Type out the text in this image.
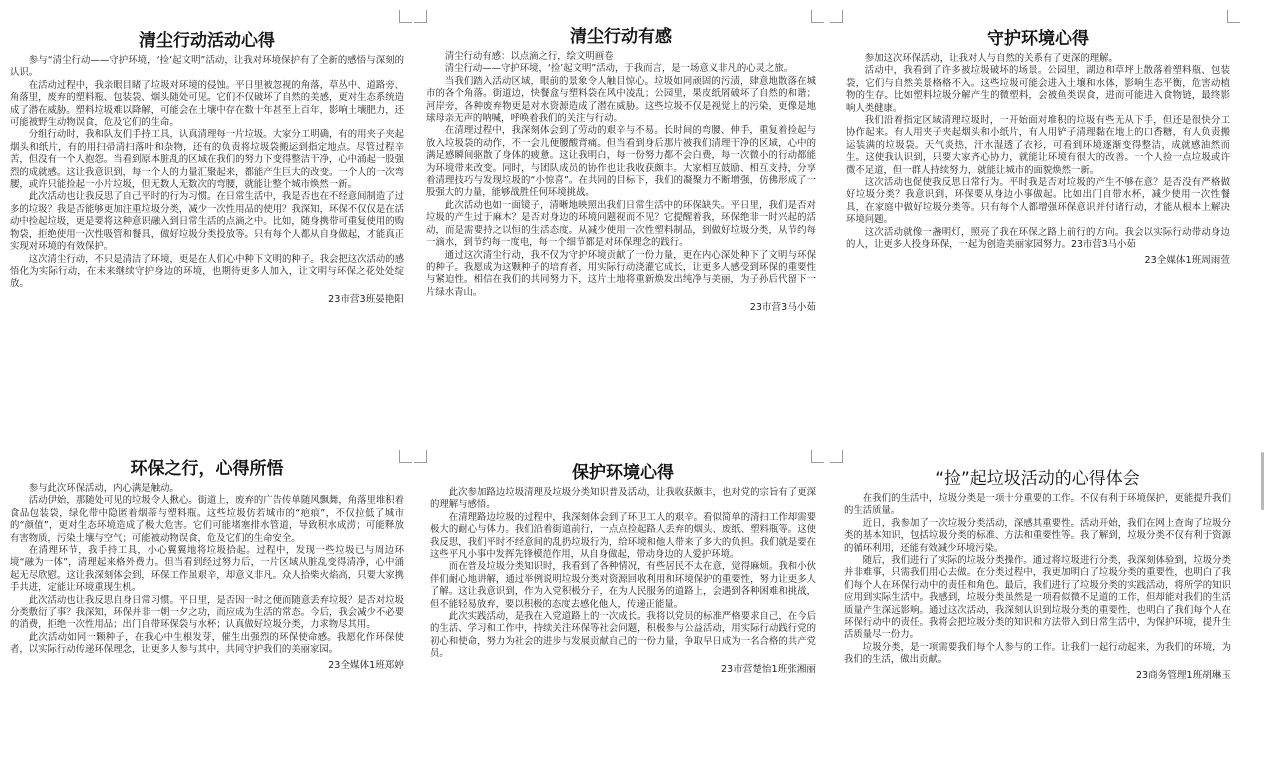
清尘行动活动心得

参与“清尘行动——守护环境，‘捡’起文明”活动，让我对环境保护有了全新的感悟与深刻的认识。

在活动过程中，我亲眼目睹了垃圾对环境的侵蚀。平日里被忽视的角落，草丛中、道路旁、角落里，废弃的塑料瓶、包装袋、烟头随处可见。它们不仅破坏了自然的美感，更对生态系统造成了潜在威胁。塑料垃圾难以降解，可能会在土壤中存在数十年甚至上百年，影响土壤肥力，还可能被野生动物误食，危及它们的生命。

分组行动时，我和队友们手持工具，认真清理每一片垃圾。大家分工明确，有的用夹子夹起烟头和纸片，有的用扫帚清扫落叶和杂物，还有的负责将垃圾袋搬运到指定地点。尽管过程辛苦，但没有一个人抱怨。当看到原本脏乱的区域在我们的努力下变得整洁干净，心中涌起一股强烈的成就感。这让我意识到，每一个人的力量汇聚起来，都能产生巨大的改变。一个人的一次弯腰，或许只能捡起一小片垃圾，但无数人无数次的弯腰，就能让整个城市焕然一新。

此次活动也让我反思了自己平时的行为习惯。在日常生活中，我是否也在不经意间制造了过多的垃圾？我是否能够更加注重垃圾分类，减少一次性用品的使用？我深知，环保不仅仅是在活动中捡起垃圾，更是要将这种意识融入到日常生活的点滴之中。比如，随身携带可重复使用的购物袋，拒绝使用一次性吸管和餐具，做好垃圾分类投放等。只有每个人都从自身做起，才能真正实现对环境的有效保护。

这次清尘行动，不只是清洁了环境，更是在人们心中种下文明的种子。我会把这次活动的感悟化为实际行动，在未来继续守护身边的环境，也期待更多人加入，让文明与环保之花处处绽放。

23市营3班晏艳阳

清尘行动有感

清尘行动有感：以点滴之行，绘文明画卷

清尘行动——守护环境，‘捡’起文明”活动，于我而言，是一场意义非凡的心灵之旅。

当我们踏入活动区域，眼前的景象令人触目惊心。垃圾如同顽固的污渍，肆意地散落在城市的各个角落。街道边，快餐盒与塑料袋在风中凌乱；公园里，果皮纸屑破坏了自然的和谐；河岸旁，各种废弃物更是对水资源造成了潜在威胁。这些垃圾不仅是视觉上的污染，更像是地球母亲无声的呐喊，呼唤着我们的关注与行动。

在清理过程中，我深刻体会到了劳动的艰辛与不易。长时间的弯腰、伸手，重复着捡起与放入垃圾袋的动作，不一会儿便腰酸背痛。但当看到身后那片被我们清理干净的区域，心中的满足感瞬间驱散了身体的疲惫。这让我明白，每一份努力都不会白费，每一次微小的行动都能为环境带来改变。同时，与团队成员的协作也让我收获颇丰。大家相互鼓励、相互支持，分享着清理技巧与发现垃圾的“小惊喜”。在共同的目标下，我们的凝聚力不断增强，仿佛形成了一股强大的力量，能够战胜任何环境挑战。

此次活动也如一面镜子，清晰地映照出我们日常生活中的环保缺失。平日里，我们是否对垃圾的产生过于麻木？是否对身边的环境问题视而不见？它提醒着我，环保绝非一时兴起的活动，而是需要持之以恒的生活态度。从减少使用一次性塑料制品，到做好垃圾分类，从节约每一滴水，到节约每一度电，每一个细节都是对环保理念的践行。

通过这次清尘行动，我不仅为守护环境贡献了一份力量，更在内心深处种下了文明与环保的种子。我愿成为这颗种子的培育者，用实际行动浇灌它成长，让更多人感受到环保的重要性与紧迫性。相信在我们的共同努力下，这片土地将重新焕发出纯净与美丽，为子孙后代留下一片绿水青山。

23市营3马小茹

守护环境心得

参加这次环保活动，让我对人与自然的关系有了更深的理解。

活动中，我看到了许多被垃圾破坏的场景。公园里，湖边和草坪上散落着塑料瓶、包装袋，它们与自然美景格格不入。这些垃圾可能会进入土壤和水体，影响生态平衡，危害动植物的生存。比如塑料垃圾分解产生的微塑料，会被鱼类误食，进而可能进入食物链，最终影响人类健康。

我们沿着指定区域清理垃圾时，一开始面对堆积的垃圾有些无从下手，但还是很快分工协作起来。有人用夹子夹起烟头和小纸片，有人用铲子清理黏在地上的口香糖，有人负责搬运装满的垃圾袋。天气炎热，汗水湿透了衣衫，可看到环境逐渐变得整洁，成就感油然而生。这使我认识到，只要大家齐心协力，就能让环境有很大的改善。一个人捡一点垃圾或许微不足道，但一群人持续努力，就能让城市的面貌焕然一新。

这次活动也促使我反思日常行为。平时我是否对垃圾的产生不够在意？是否没有严格做好垃圾分类？我意识到，环保要从身边小事做起。比如出门自带水杯，减少使用一次性餐具，在家庭中做好垃圾分类等。只有每个人都增强环保意识并付诸行动，才能从根本上解决环境问题。

这次活动就像一盏明灯，照亮了我在环保之路上前行的方向。我会以实际行动带动身边的人，让更多人投身环保，一起为创造美丽家园努力。23市营3马小茹

23全媒体1班周雨萱

环保之行，心得所悟

参与此次环保活动，内心满是触动。

活动伊始，那随处可见的垃圾令人揪心。街道上，废弃的广告传单随风飘舞，角落里堆积着食品包装袋，绿化带中隐匿着烟蒂与塑料瓶。这些垃圾仿若城市的“疤痕”，不仅拉低了城市的“颜值”，更对生态环境造成了极大危害。它们可能堵塞排水管道，导致积水成涝；可能释放有害物质，污染土壤与空气；可能被动物误食，危及它们的生命安全。

在清理环节，我手持工具，小心翼翼地将垃圾拾起。过程中，发现一些垃圾已与周边环境“融为一体”，清理起来格外费力。但当看到经过努力后，一片区域从脏乱变得清净，心中涌起无尽欣慰。这让我深刻体会到，环保工作虽艰辛，却意义非凡。众人拾柴火焰高，只要大家携手共进，定能让环境重现生机。

此次活动也让我反思自身日常习惯。平日里，是否因一时之便而随意丢弃垃圾？是否对垃圾分类敷衍了事？我深知，环保并非一朝一夕之功，而应成为生活的常态。今后，我会减少不必要的消费，拒绝一次性用品；出门自带环保袋与水杯；认真做好垃圾分类，力求物尽其用。

此次活动如同一颗种子，在我心中生根发芽，催生出强烈的环保使命感。我愿化作环保使者，以实际行动传递环保理念，让更多人参与其中，共同守护我们的美丽家园。

23全媒体1班郑婷

保护环境心得

此次参加路边垃圾清理及垃圾分类知识普及活动，让我收获颇丰，也对党的宗旨有了更深的理解与感悟。

在清理路边垃圾的过程中，我深刻体会到了环卫工人的艰辛。看似简单的清扫工作却需要极大的耐心与体力。我们沿着街道前行，一点点捡起路人丢弃的烟头、废纸、塑料瓶等。这使我反思，我们平时不经意间的乱扔垃圾行为，给环境和他人带来了多大的负担。我们就是要在这些平凡小事中发挥先锋模范作用，从自身做起，带动身边的人爱护环境。

而在普及垃圾分类知识时，我看到了各种情况，有些居民不太在意，觉得麻烦。我和小伙伴们耐心地讲解，通过举例说明垃圾分类对资源回收利用和环境保护的重要性，努力让更多人了解。这让我意识到，作为入党积极分子，在为人民服务的道路上，会遇到各种困难和挑战，但不能轻易放弃，要以积极的态度去感化他人，传递正能量。

此次实践活动，是我在入党道路上的一次成长。我将以党员的标准严格要求自己，在今后的生活、学习和工作中，持续关注环保等社会问题，积极参与公益活动，用实际行动践行党的初心和使命，努力为社会的进步与发展贡献自己的一份力量，争取早日成为一名合格的共产党员。

23市营楚怡1班张湘丽

“捡”起垃圾活动的心得体会

在我们的生活中，垃圾分类是一项十分重要的工作。不仅有利于环境保护，更能提升我们的生活质量。

近日，我参加了一次垃圾分类活动，深感其重要性。活动开始，我们在网上查询了垃圾分类的基本知识，包括垃圾分类的标准、方法和重要性等。我了解到，垃圾分类不仅有利于资源的循环利用，还能有效减少环境污染。

随后，我们进行了实际的垃圾分类操作。通过将垃圾进行分类，我深刻体验到，垃圾分类并非难事，只需我们用心去做。在分类过程中，我更加明白了垃圾分类的重要性，也明白了我们每个人在环保行动中的责任和角色。最后，我们进行了垃圾分类的实践活动，将所学的知识应用到实际生活中。我感到，垃圾分类虽然是一项看似微不足道的工作，但却能对我们的生活质量产生深远影响。通过这次活动，我深刻认识到垃圾分类的重要性，也明白了我们每个人在环保行动中的责任。我将会把垃圾分类的知识和方法带入到日常生活中，为保护环境，提升生活质量尽一份力。

垃圾分类，是一项需要我们每个人参与的工作。让我们一起行动起来，为我们的环境，为我们的生活，做出贡献。

23商务管理1班胡琳玉
